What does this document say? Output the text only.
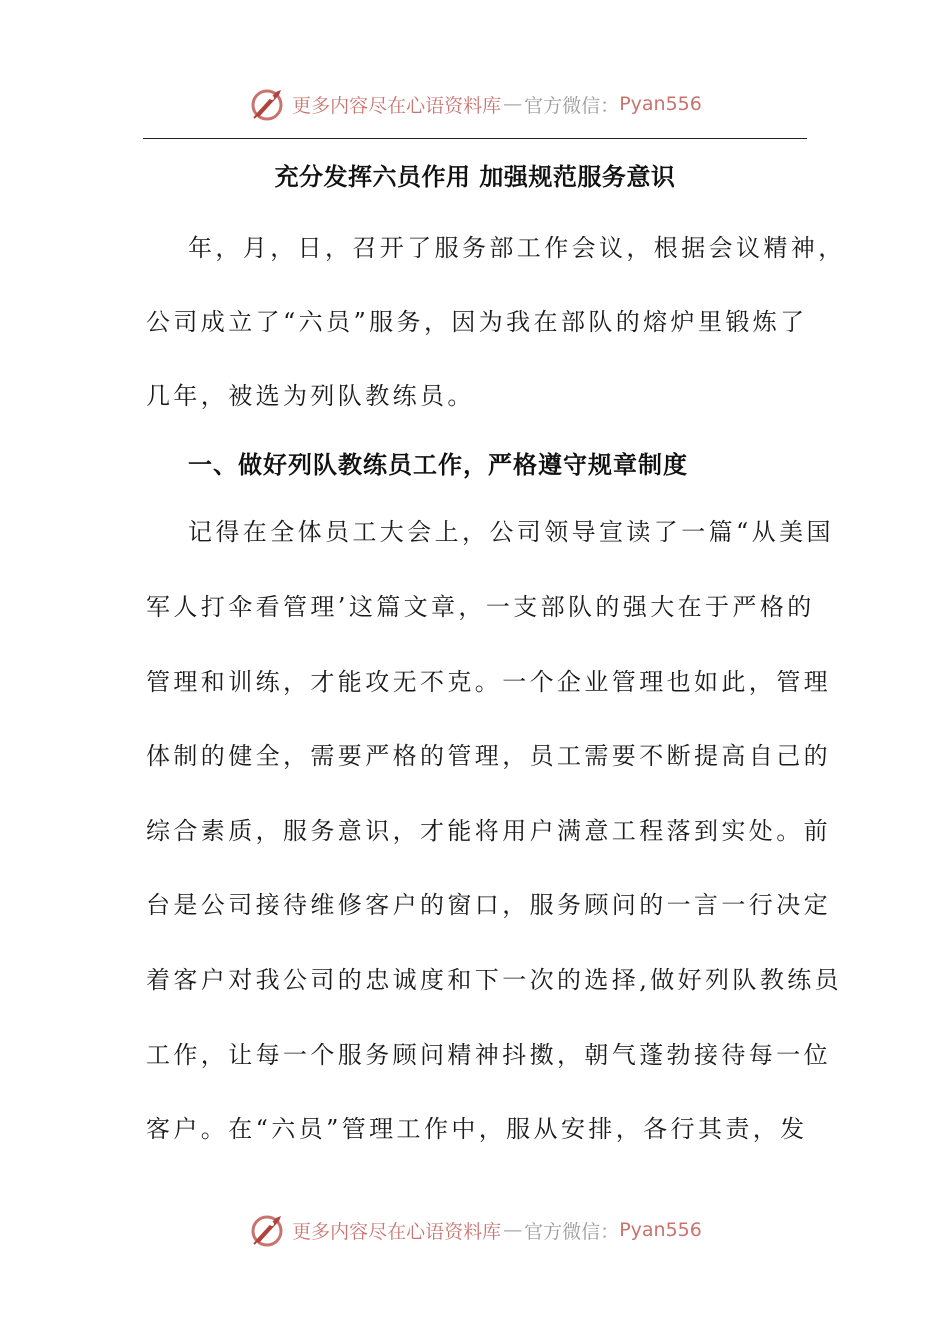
更多内容尽在心语资料库 — 官方微信： Pyan556
充分发挥六员作用 加强规范服务意识
年，月，日，召开了服务部工作会议，根据会议精神，
公司成立了“六员”服务，因为我在部队的熔炉里锻炼了
几年，被选为列队教练员。
一、做好列队教练员工作，严格遵守规章制度
记得在全体员工大会上，公司领导宣读了一篇“从美国
军人打伞看管理’这篇文章，一支部队的强大在于严格的
管理和训练，才能攻无不克。一个企业管理也如此，管理
体制的健全，需要严格的管理，员工需要不断提高自己的
综合素质，服务意识，才能将用户满意工程落到实处。前
台是公司接待维修客户的窗口，服务顾问的一言一行决定
着客户对我公司的忠诚度和下一次的选择,做好列队教练员
工作，让每一个服务顾问精神抖擞，朝气蓬勃接待每一位
客户。在“六员”管理工作中，服从安排，各行其责，发
更多内容尽在心语资料库 — 官方微信： Pyan556
